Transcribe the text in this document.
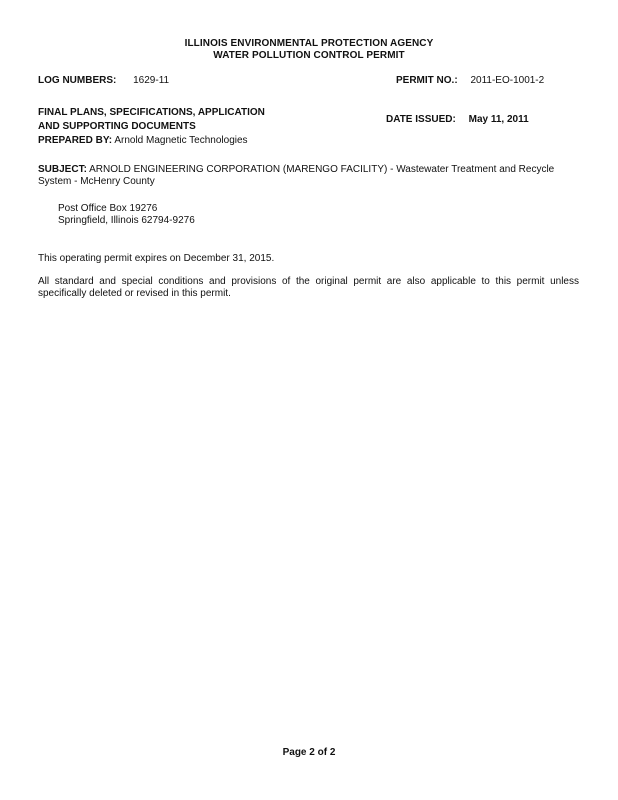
ILLINOIS ENVIRONMENTAL PROTECTION AGENCY
WATER POLLUTION CONTROL PERMIT
LOG NUMBERS: 1629-11	PERMIT NO.: 2011-EO-1001-2
FINAL PLANS, SPECIFICATIONS, APPLICATION
AND SUPPORTING DOCUMENTS
DATE ISSUED: May 11, 2011
PREPARED BY: Arnold Magnetic Technologies
SUBJECT: ARNOLD ENGINEERING CORPORATION (MARENGO FACILITY) - Wastewater Treatment and Recycle
System - McHenry County
Post Office Box 19276
Springfield, Illinois 62794-9276
This operating permit expires on December 31, 2015.
All standard and special conditions and provisions of the original permit are also applicable to this permit unless
specifically deleted or revised in this permit.
Page 2 of 2
